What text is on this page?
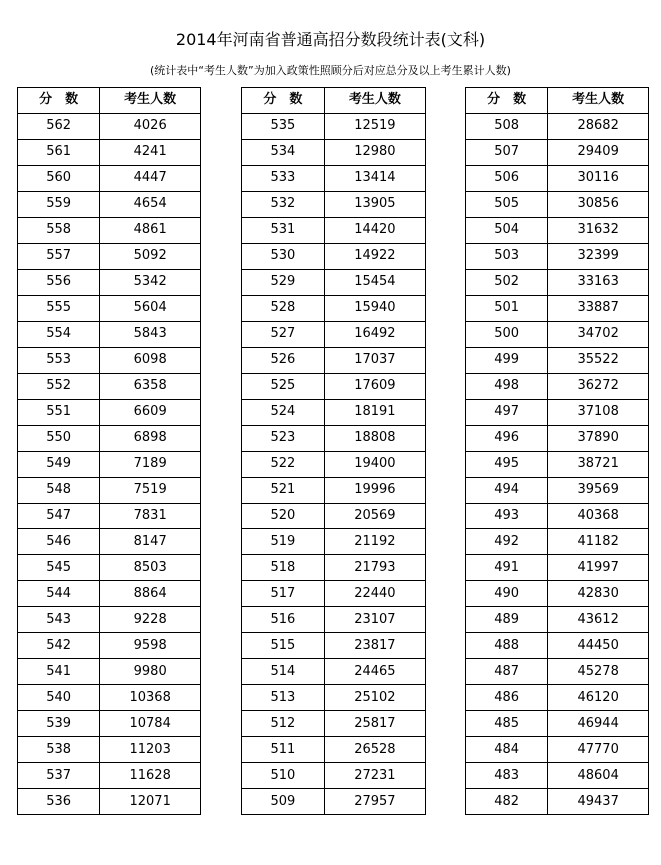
2014年河南省普通高招分数段统计表(文科)
(统计表中“考生人数”为加入政策性照顾分后对应总分及以上考生累计人数)
分　数	考生人数
562	4026
561	4241
560	4447
559	4654
558	4861
557	5092
556	5342
555	5604
554	5843
553	6098
552	6358
551	6609
550	6898
549	7189
548	7519
547	7831
546	8147
545	8503
544	8864
543	9228
542	9598
541	9980
540	10368
539	10784
538	11203
537	11628
536	12071
分　数	考生人数
535	12519
534	12980
533	13414
532	13905
531	14420
530	14922
529	15454
528	15940
527	16492
526	17037
525	17609
524	18191
523	18808
522	19400
521	19996
520	20569
519	21192
518	21793
517	22440
516	23107
515	23817
514	24465
513	25102
512	25817
511	26528
510	27231
509	27957
分　数	考生人数
508	28682
507	29409
506	30116
505	30856
504	31632
503	32399
502	33163
501	33887
500	34702
499	35522
498	36272
497	37108
496	37890
495	38721
494	39569
493	40368
492	41182
491	41997
490	42830
489	43612
488	44450
487	45278
486	46120
485	46944
484	47770
483	48604
482	49437
